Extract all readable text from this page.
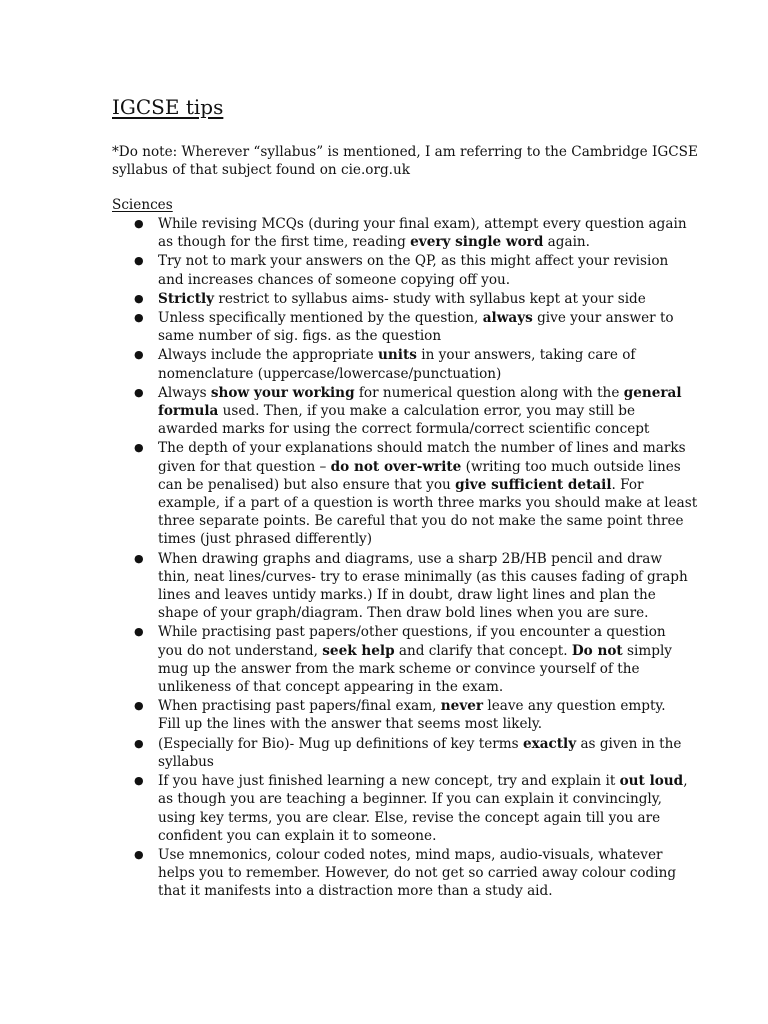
IGCSE tips

*Do note: Wherever “syllabus” is mentioned, I am referring to the Cambridge IGCSE
syllabus of that subject found on cie.org.uk

Sciences
● While revising MCQs (during your final exam), attempt every question again
as though for the first time, reading every single word again.
● Try not to mark your answers on the QP, as this might affect your revision
and increases chances of someone copying off you.
● Strictly restrict to syllabus aims- study with syllabus kept at your side
● Unless specifically mentioned by the question, always give your answer to
same number of sig. figs. as the question
● Always include the appropriate units in your answers, taking care of
nomenclature (uppercase/lowercase/punctuation)
● Always show your working for numerical question along with the general
formula used. Then, if you make a calculation error, you may still be
awarded marks for using the correct formula/correct scientific concept
● The depth of your explanations should match the number of lines and marks
given for that question – do not over-write (writing too much outside lines
can be penalised) but also ensure that you give sufficient detail. For
example, if a part of a question is worth three marks you should make at least
three separate points. Be careful that you do not make the same point three
times (just phrased differently)
● When drawing graphs and diagrams, use a sharp 2B/HB pencil and draw
thin, neat lines/curves- try to erase minimally (as this causes fading of graph
lines and leaves untidy marks.) If in doubt, draw light lines and plan the
shape of your graph/diagram. Then draw bold lines when you are sure.
● While practising past papers/other questions, if you encounter a question
you do not understand, seek help and clarify that concept. Do not simply
mug up the answer from the mark scheme or convince yourself of the
unlikeness of that concept appearing in the exam.
● When practising past papers/final exam, never leave any question empty.
Fill up the lines with the answer that seems most likely.
● (Especially for Bio)- Mug up definitions of key terms exactly as given in the
syllabus
● If you have just finished learning a new concept, try and explain it out loud,
as though you are teaching a beginner. If you can explain it convincingly,
using key terms, you are clear. Else, revise the concept again till you are
confident you can explain it to someone.
● Use mnemonics, colour coded notes, mind maps, audio-visuals, whatever
helps you to remember. However, do not get so carried away colour coding
that it manifests into a distraction more than a study aid.
